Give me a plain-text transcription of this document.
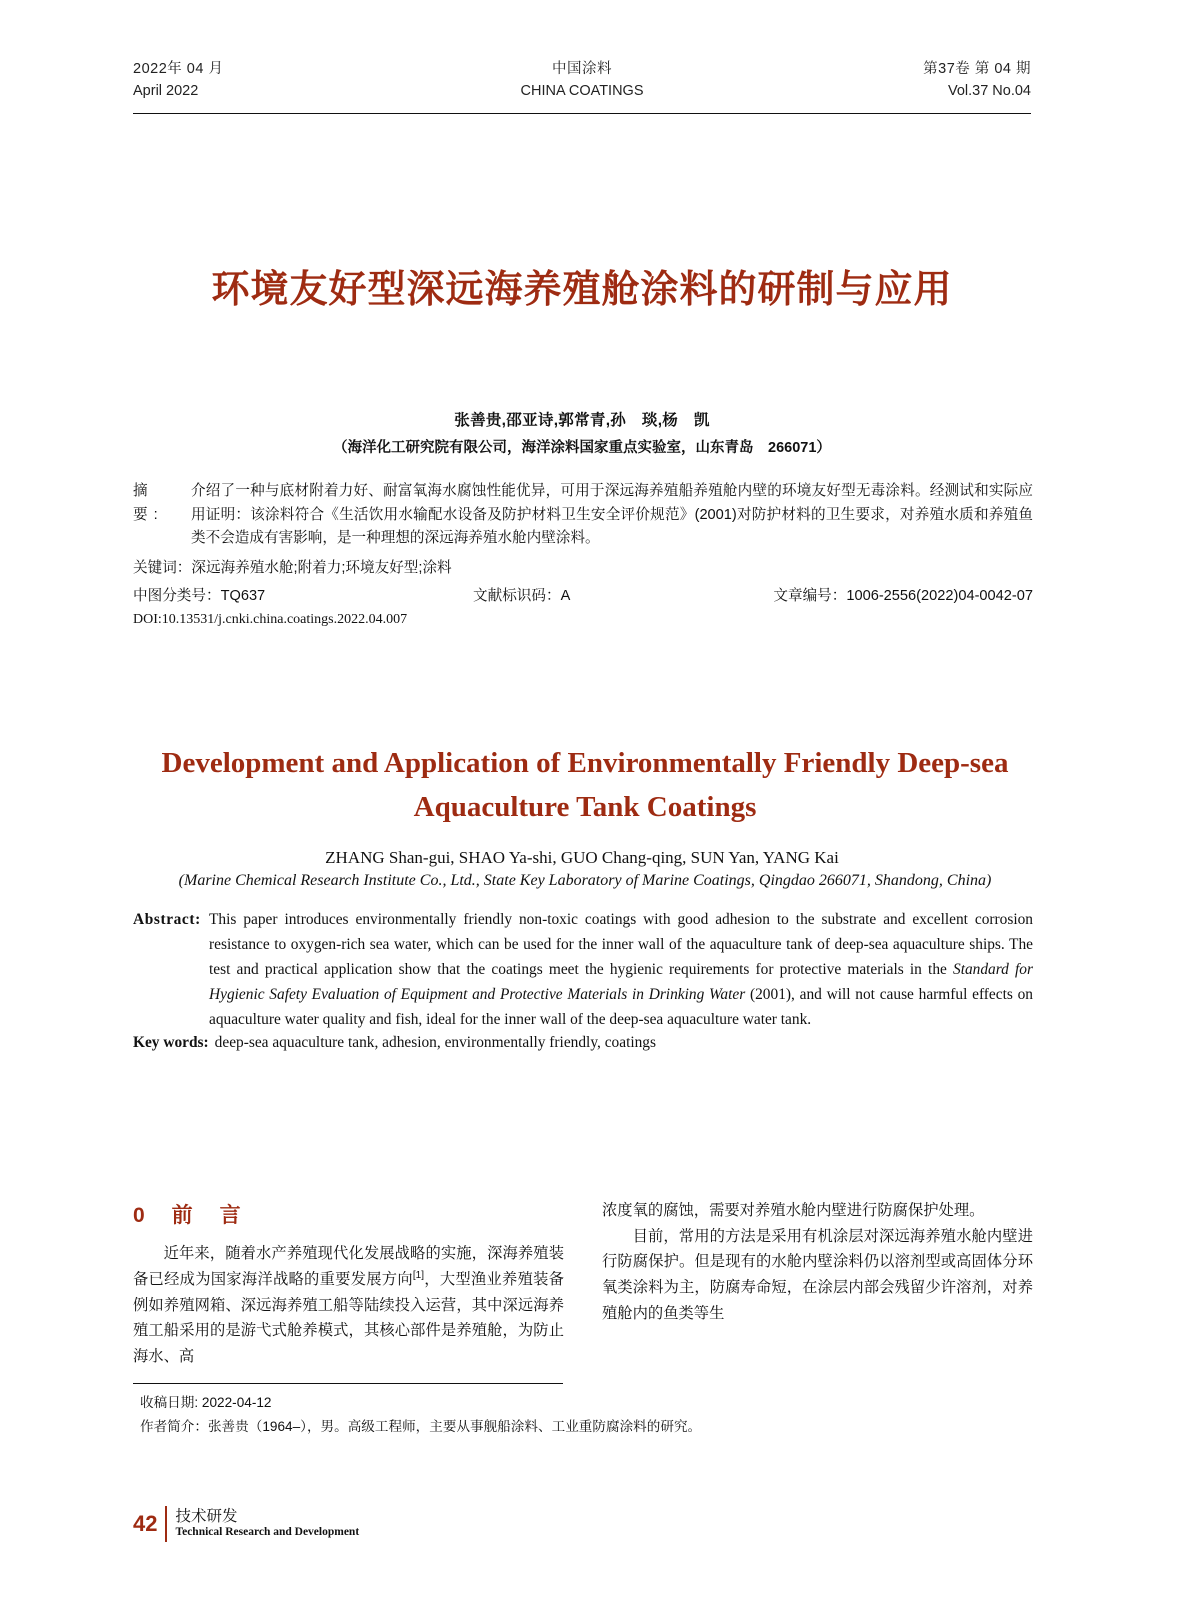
2022年 04 月	中国涂料	第37卷 第 04 期
April 2022	CHINA COATINGS	Vol.37 No.04
环境友好型深远海养殖舱涂料的研制与应用
张善贵,邵亚诗,郭常青,孙　琰,杨　凯
（海洋化工研究院有限公司，海洋涂料国家重点实验室，山东青岛　266071）
摘　要:
介绍了一种与底材附着力好、耐富氧海水腐蚀性能优异，可用于深远海养殖船养殖舱内壁的环境友好型无毒涂料。经测试和实际应用证明：该涂料符合《生活饮用水输配水设备及防护材料卫生安全评价规范》(2001)对防护材料的卫生要求，对养殖水质和养殖鱼类不会造成有害影响，是一种理想的深远海养殖水舱内壁涂料。
关键词：深远海养殖水舱;附着力;环境友好型;涂料
中图分类号：TQ637	文献标识码：A	文章编号：1006-2556(2022)04-0042-07
DOI:10.13531/j.cnki.china.coatings.2022.04.007
Development and Application of Environmentally Friendly Deep-sea Aquaculture Tank Coatings
ZHANG Shan-gui, SHAO Ya-shi, GUO Chang-qing, SUN Yan, YANG Kai
(Marine Chemical Research Institute Co., Ltd., State Key Laboratory of Marine Coatings, Qingdao 266071, Shandong, China)
Abstract: This paper introduces environmentally friendly non-toxic coatings with good adhesion to the substrate and excellent corrosion resistance to oxygen-rich sea water, which can be used for the inner wall of the aquaculture tank of deep-sea aquaculture ships. The test and practical application show that the coatings meet the hygienic requirements for protective materials in the Standard for Hygienic Safety Evaluation of Equipment and Protective Materials in Drinking Water (2001), and will not cause harmful effects on aquaculture water quality and fish, ideal for the inner wall of the deep-sea aquaculture water tank.
Key words: deep-sea aquaculture tank, adhesion, environmentally friendly, coatings
0　前　言

近年来，随着水产养殖现代化发展战略的实施，深海养殖装备已经成为国家海洋战略的重要发展方向[1]，大型渔业养殖装备例如养殖网箱、深远海养殖工船等陆续投入运营，其中深远海养殖工船采用的是游弋式舱养模式，其核心部件是养殖舱，为防止海水、高

浓度氧的腐蚀，需要对养殖水舱内壁进行防腐保护处理。

目前，常用的方法是采用有机涂层对深远海养殖水舱内壁进行防腐保护。但是现有的水舱内壁涂料仍以溶剂型或高固体分环氧类涂料为主，防腐寿命短，在涂层内部会残留少许溶剂，对养殖舱内的鱼类等生

收稿日期: 2022-04-12
作者简介：张善贵（1964–），男。高级工程师，主要从事舰船涂料、工业重防腐涂料的研究。
42 技术研发
Technical Research and Development
